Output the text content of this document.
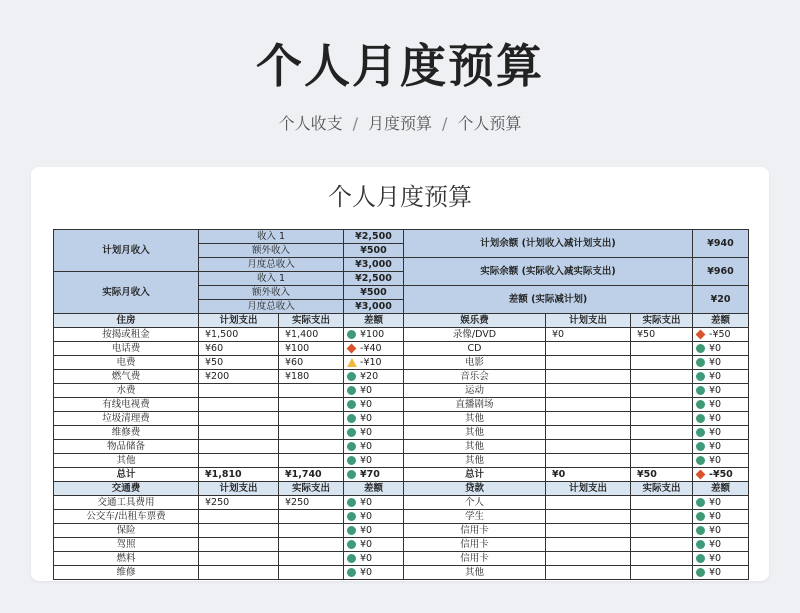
个人月度预算
个人收支 / 月度预算 / 个人预算
个人月度预算
计划月收入	收入 1		¥2,500	计划余额 (计划收入减计划支出)			¥940
	额外收入		¥500				
	月度总收入		¥3,000	实际余额 (实际收入减实际支出)			¥960
实际月收入	收入 1		¥2,500				
	额外收入		¥500	差额 (实际减计划)			¥20
	月度总收入		¥3,000				
住房	计划支出	实际支出	差额	娱乐费	计划支出	实际支出	差额
按揭或租金	¥1,500	¥1,400	¥100	录像/DVD	¥0	¥50	-¥50
电话费	¥60	¥100	-¥40	CD			¥0
电费	¥50	¥60	-¥10	电影			¥0
燃气费	¥200	¥180	¥20	音乐会			¥0
水费			¥0	运动			¥0
有线电视费			¥0	直播剧场			¥0
垃圾清理费			¥0	其他			¥0
维修费			¥0	其他			¥0
物品储备			¥0	其他			¥0
其他			¥0	其他			¥0
总计	¥1,810	¥1,740	¥70	总计	¥0	¥50	-¥50
交通费	计划支出	实际支出	差额	贷款	计划支出	实际支出	差额
交通工具费用	¥250	¥250	¥0	个人			¥0
公交车/出租车票费			¥0	学生			¥0
保险			¥0	信用卡			¥0
驾照			¥0	信用卡			¥0
燃料			¥0	信用卡			¥0
维修			¥0	其他			¥0
